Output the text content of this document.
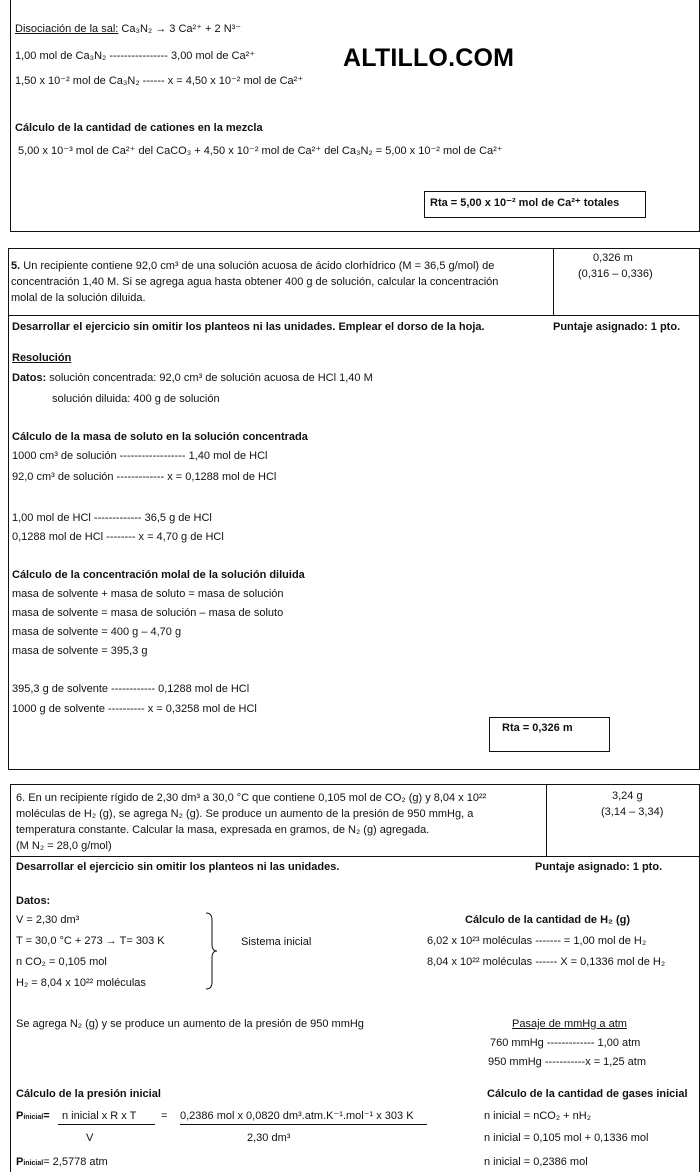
Disociación de la sal: Ca₃N₂ → 3 Ca²⁺ + 2 N³⁻
1,00 mol de Ca₃N₂ ---------------- 3,00 mol de Ca²⁺
1,50 x 10⁻² mol de Ca₃N₂ ------ x = 4,50 x 10⁻² mol de Ca²⁺
ALTILLO.COM
Cálculo de la cantidad de cationes en la mezcla
5,00 x 10⁻³ mol de Ca²⁺ del CaCO₃ + 4,50 x 10⁻² mol de Ca²⁺ del Ca₃N₂ = 5,00 x 10⁻² mol de Ca²⁺
Rta = 5,00 x 10⁻² mol de Ca²⁺ totales
5. Un recipiente contiene 92,0 cm³ de una solución acuosa de ácido clorhídrico (M = 36,5 g/mol) de
concentración 1,40 M. Si se agrega agua hasta obtener 400 g de solución, calcular la concentración
molal de la solución diluida.
0,326 m
(0,316 – 0,336)
Desarrollar el ejercicio sin omitir los planteos ni las unidades. Emplear el dorso de la hoja.	Puntaje asignado: 1 pto.
Resolución
Datos: solución concentrada: 92,0 cm³ de solución acuosa de HCl 1,40 M
solución diluida: 400 g de solución
Cálculo de la masa de soluto en la solución concentrada
1000 cm³ de solución ------------------ 1,40 mol de HCl
92,0 cm³ de solución ------------- x = 0,1288 mol de HCl
1,00 mol de HCl ------------- 36,5 g de HCl
0,1288 mol de HCl -------- x = 4,70 g de HCl
Cálculo de la concentración molal de la solución diluida
masa de solvente + masa de soluto = masa de solución
masa de solvente = masa de solución – masa de soluto
masa de solvente = 400 g – 4,70 g
masa de solvente = 395,3 g
395,3 g de solvente ------------ 0,1288 mol de HCl
1000 g de solvente ---------- x = 0,3258 mol de HCl
Rta = 0,326 m
6. En un recipiente rígido de 2,30 dm³ a 30,0 °C que contiene 0,105 mol de CO₂ (g) y 8,04 x 10²²
moléculas de H₂ (g), se agrega N₂ (g). Se produce un aumento de la presión de 950 mmHg, a
temperatura constante. Calcular la masa, expresada en gramos, de N₂ (g) agregada.
(M N₂ = 28,0 g/mol)
3,24 g
(3,14 – 3,34)
Desarrollar el ejercicio sin omitir los planteos ni las unidades.	Puntaje asignado: 1 pto.
Datos:
V = 2,30 dm³
T = 30,0 °C + 273 → T= 303 K
n CO₂ = 0,105 mol
H₂ = 8,04 x 10²² moléculas
Sistema inicial
Cálculo de la cantidad de H₂ (g)
6,02 x 10²³ moléculas ------- = 1,00 mol de H₂
8,04 x 10²² moléculas ------ X = 0,1336 mol de H₂
Se agrega N₂ (g) y se produce un aumento de la presión de 950 mmHg	Pasaje de mmHg a atm
760 mmHg ------------- 1,00 atm
950 mmHg -----------x = 1,25 atm
Cálculo de la presión inicial
Pinicial= n inicial x R x T
V
= 0,2386 mol x 0,0820 dm³.atm.K⁻¹.mol⁻¹ x 303 K
2,30 dm³
Pinicial= 2,5778 atm
Cálculo de la cantidad de gases inicial
n inicial = nCO₂ + nH₂
n inicial = 0,105 mol + 0,1336 mol
n inicial = 0,2386 mol
